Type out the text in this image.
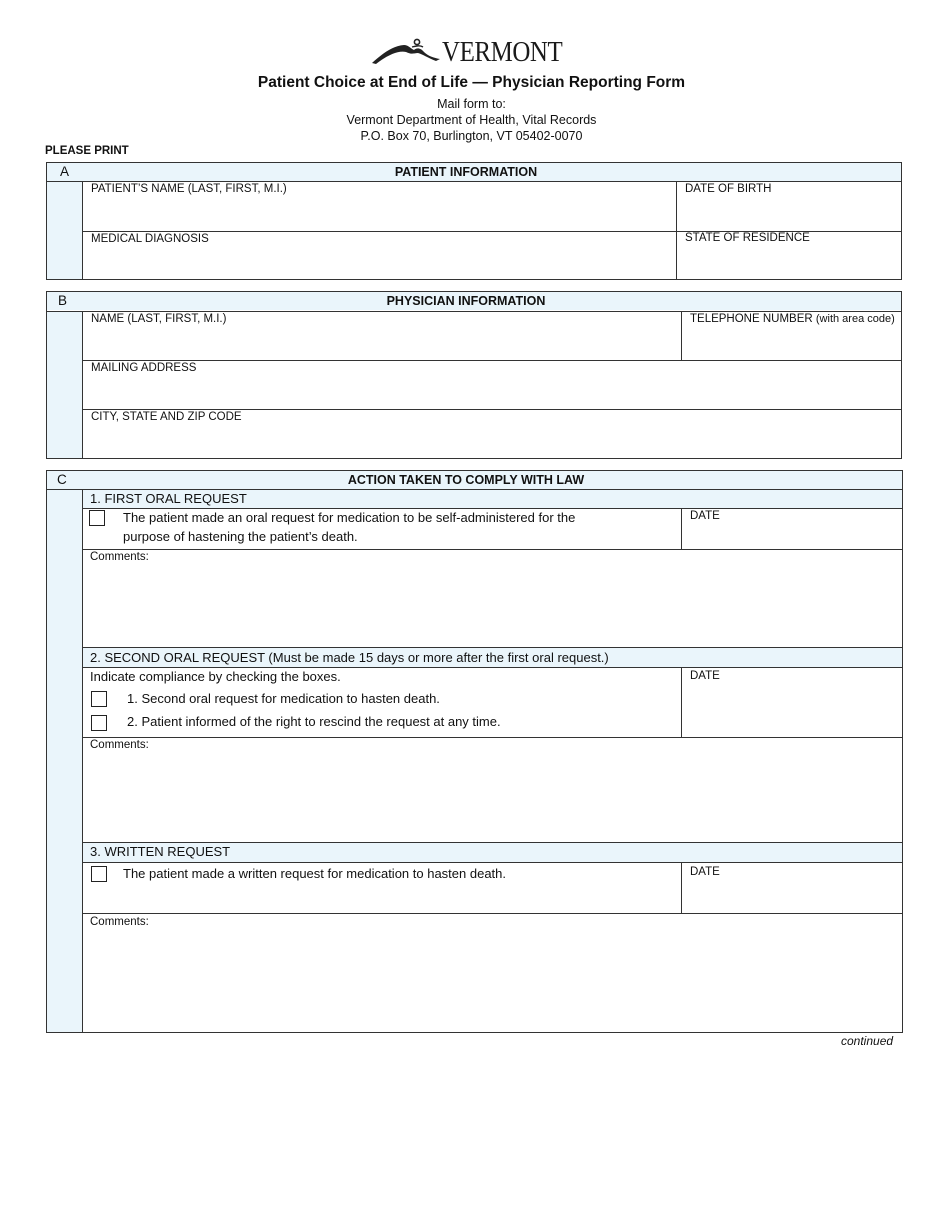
VERMONT
Patient Choice at End of Life — Physician Reporting Form
Mail form to:
Vermont Department of Health, Vital Records
P.O. Box 70, Burlington, VT 05402-0070
PLEASE PRINT
A	PATIENT INFORMATION
PATIENT’S NAME (LAST, FIRST, M.I.)	DATE OF BIRTH
MEDICAL DIAGNOSIS	STATE OF RESIDENCE
B	PHYSICIAN INFORMATION
NAME (LAST, FIRST, M.I.)	TELEPHONE NUMBER (with area code)
MAILING ADDRESS
CITY, STATE AND ZIP CODE
C	ACTION TAKEN TO COMPLY WITH LAW
1. FIRST ORAL REQUEST
The patient made an oral request for medication to be self-administered for the
purpose of hastening the patient’s death.
DATE
Comments:
2. SECOND ORAL REQUEST (Must be made 15 days or more after the first oral request.)
Indicate compliance by checking the boxes.
1. Second oral request for medication to hasten death.
2. Patient informed of the right to rescind the request at any time.
DATE
Comments:
3. WRITTEN REQUEST
The patient made a written request for medication to hasten death.	DATE
Comments:
continued
